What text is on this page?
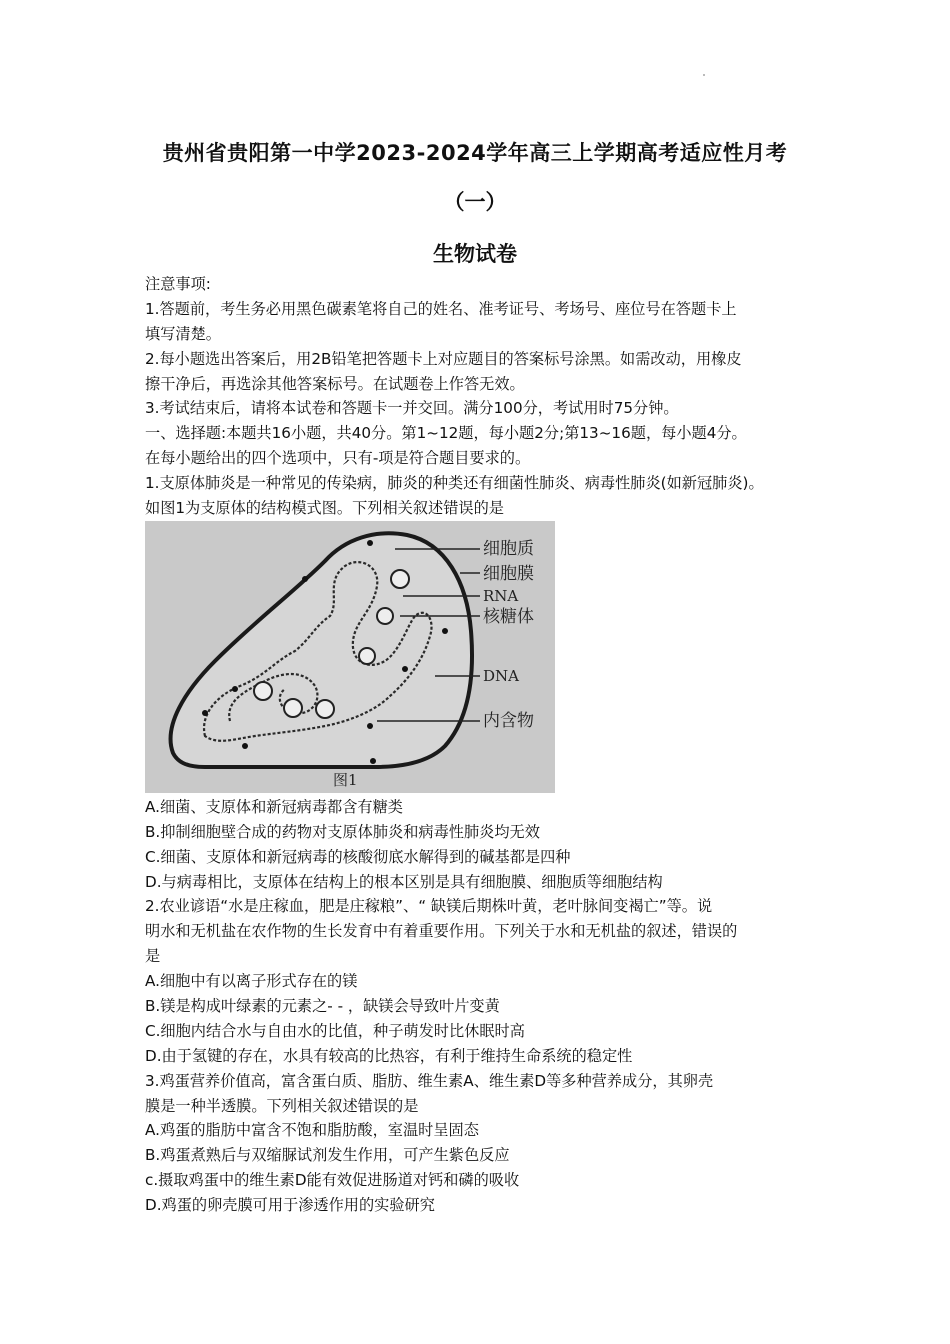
贵州省贵阳第一中学2023-2024学年高三上学期高考适应性月考
（一）
生物试卷
注意事项:
1.答题前，考生务必用黑色碳素笔将自己的姓名、准考证号、考场号、座位号在答题卡上
填写清楚。
2.每小题选出答案后，用2B铅笔把答题卡上对应题目的答案标号涂黑。如需改动，用橡皮
擦干净后，再选涂其他答案标号。在试题卷上作答无效。
3.考试结束后，请将本试卷和答题卡一并交回。满分100分，考试用时75分钟。
一、选择题:本题共16小题，共40分。第1~12题，每小题2分;第13~16题，每小题4分。
在每小题给出的四个选项中，只有-项是符合题目要求的。
1.支原体肺炎是一种常见的传染病，肺炎的种类还有细菌性肺炎、病毒性肺炎(如新冠肺炎)。
如图1为支原体的结构模式图。下列相关叙述错误的是
细胞质
细胞膜
RNA
核糖体
DNA
内含物
图1
A.细菌、支原体和新冠病毒都含有糖类
B.抑制细胞壁合成的药物对支原体肺炎和病毒性肺炎均无效
C.细菌、支原体和新冠病毒的核酸彻底水解得到的碱基都是四种
D.与病毒相比，支原体在结构上的根本区别是具有细胞膜、细胞质等细胞结构
2.农业谚语“水是庄稼血，肥是庄稼粮”、“ 缺镁后期株叶黄，老叶脉间变褐亡”等。说
明水和无机盐在农作物的生长发育中有着重要作用。下列关于水和无机盐的叙述，错误的
是
A.细胞中有以离子形式存在的镁
B.镁是构成叶绿素的元素之- - ，缺镁会导致叶片变黄
C.细胞内结合水与自由水的比值，种子萌发时比休眠时高
D.由于氢键的存在，水具有较高的比热容，有利于维持生命系统的稳定性
3.鸡蛋营养价值高，富含蛋白质、脂肪、维生素A、维生素D等多种营养成分，其卵壳
膜是一种半透膜。下列相关叙述错误的是
A.鸡蛋的脂肪中富含不饱和脂肪酸，室温时呈固态
B.鸡蛋煮熟后与双缩脲试剂发生作用，可产生紫色反应
c.摄取鸡蛋中的维生素D能有效促进肠道对钙和磷的吸收
D.鸡蛋的卵壳膜可用于渗透作用的实验研究
